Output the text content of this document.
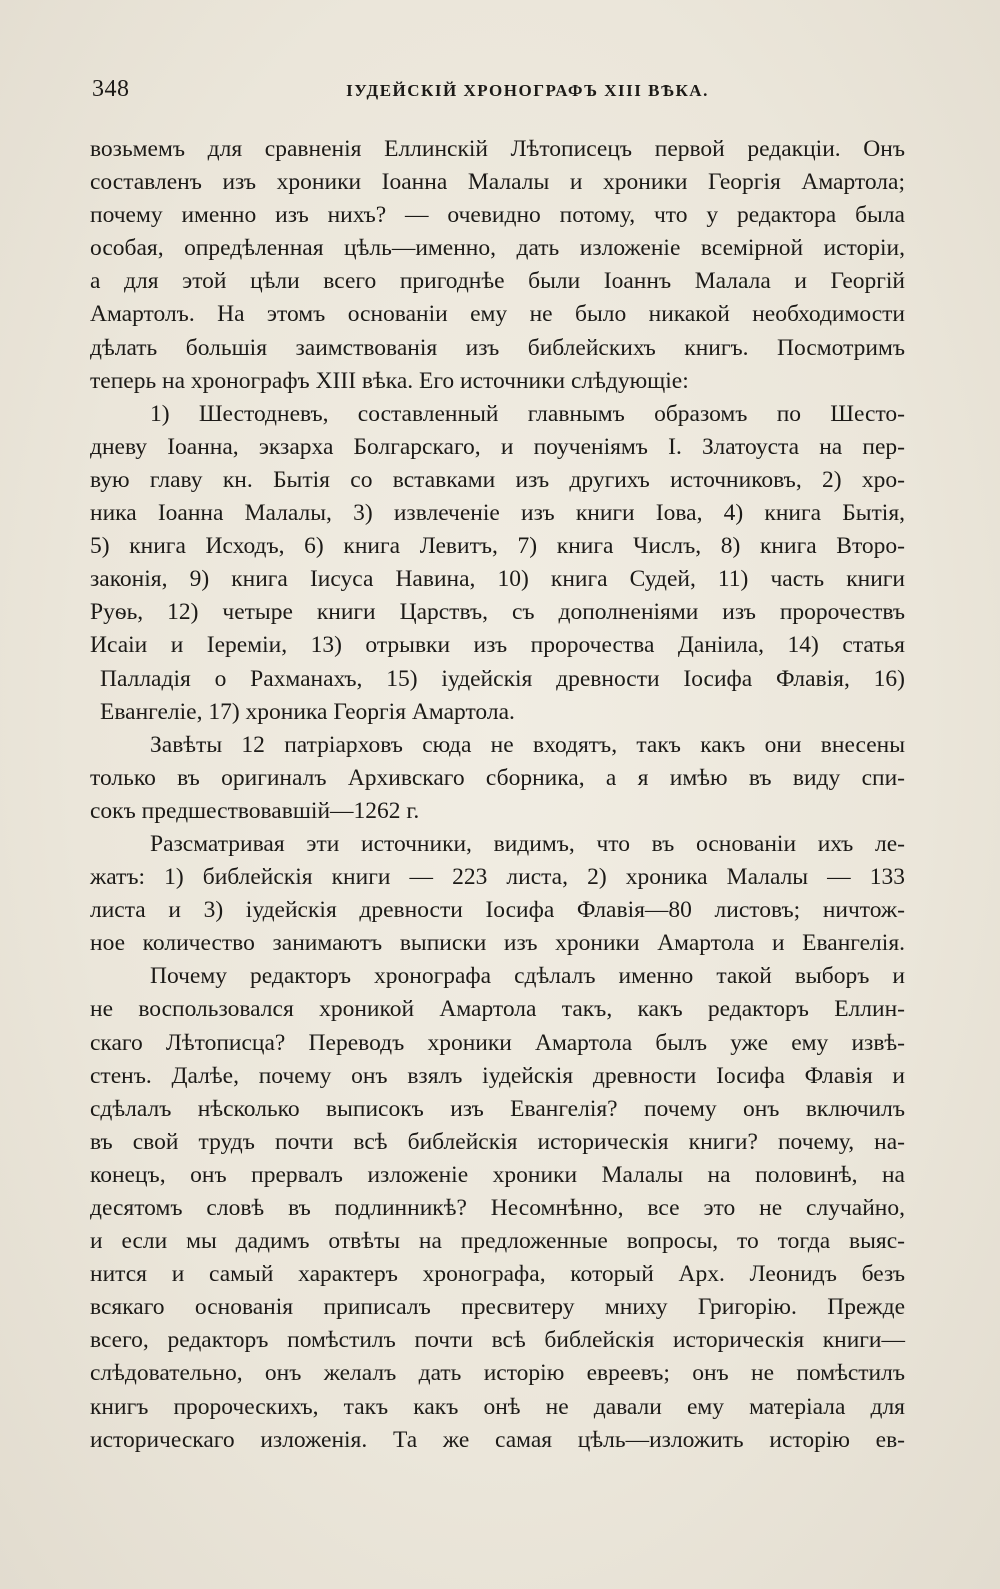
348	ІУДЕЙСКІЙ ХРОНОГРАФЪ XIII ВѢКА.
возьмемъ для сравненія Еллинскій Лѣтописецъ первой редакціи. Онъ
составленъ изъ хроники Іоанна Малалы и хроники Георгія Амартола;
почему именно изъ нихъ? — очевидно потому, что у редактора была
особая, опредѣленная цѣль—именно, дать изложеніе всемірной исторіи,
а для этой цѣли всего пригоднѣе были Іоаннъ Малала и Георгій
Амартолъ. На этомъ основаніи ему не было никакой необходимости
дѣлать большія заимствованія изъ библейскихъ книгъ. Посмотримъ
теперь на хронографъ XIII вѣка. Его источники слѣдующіе:
1) Шестодневъ, составленный главнымъ образомъ по Шесто-
дневу Іоанна, экзарха Болгарскаго, и поученіямъ І. Златоуста на пер-
вую главу кн. Бытія со вставками изъ другихъ источниковъ, 2) хро-
ника Іоанна Малалы, 3) извлеченіе изъ книги Іова, 4) книга Бытія,
5) книга Исходъ, 6) книга Левитъ, 7) книга Числъ, 8) книга Второ-
законія, 9) книга Іисуса Навина, 10) книга Судей, 11) часть книги
Руѳь, 12) четыре книги Царствъ, съ дополненіями изъ пророчествъ
Исаіи и Іереміи, 13) отрывки изъ пророчества Даніила, 14) статья
Палладія о Рахманахъ, 15) іудейскія древности Іосифа Флавія, 16)
Евангеліе, 17) хроника Георгія Амартола.
Завѣты 12 патріарховъ сюда не входятъ, такъ какъ они внесены
только въ оригиналъ Архивскаго сборника, а я имѣю въ виду спи-
сокъ предшествовавшій—1262 г.
Разсматривая эти источники, видимъ, что въ основаніи ихъ ле-
жатъ: 1) библейскія книги — 223 листа, 2) хроника Малалы — 133
листа и 3) іудейскія древности Іосифа Флавія—80 листовъ; ничтож-
ное количество занимаютъ выписки изъ хроники Амартола и Евангелія.
Почему редакторъ хронографа сдѣлалъ именно такой выборъ и
не воспользовался хроникой Амартола такъ, какъ редакторъ Еллин-
скаго Лѣтописца? Переводъ хроники Амартола былъ уже ему извѣ-
стенъ. Далѣе, почему онъ взялъ іудейскія древности Іосифа Флавія и
сдѣлалъ нѣсколько выписокъ изъ Евангелія? почему онъ включилъ
въ свой трудъ почти всѣ библейскія историческія книги? почему, на-
конецъ, онъ прервалъ изложеніе хроники Малалы на половинѣ, на
десятомъ словѣ въ подлинникѣ? Несомнѣнно, все это не случайно,
и если мы дадимъ отвѣты на предложенные вопросы, то тогда выяс-
нится и самый характеръ хронографа, который Арх. Леонидъ безъ
всякаго основанія приписалъ пресвитеру мниху Григорію. Прежде
всего, редакторъ помѣстилъ почти всѣ библейскія историческія книги—
слѣдовательно, онъ желалъ дать исторію евреевъ; онъ не помѣстилъ
книгъ пророческихъ, такъ какъ онѣ не давали ему матеріала для
историческаго изложенія. Та же самая цѣль—изложить исторію ев-
